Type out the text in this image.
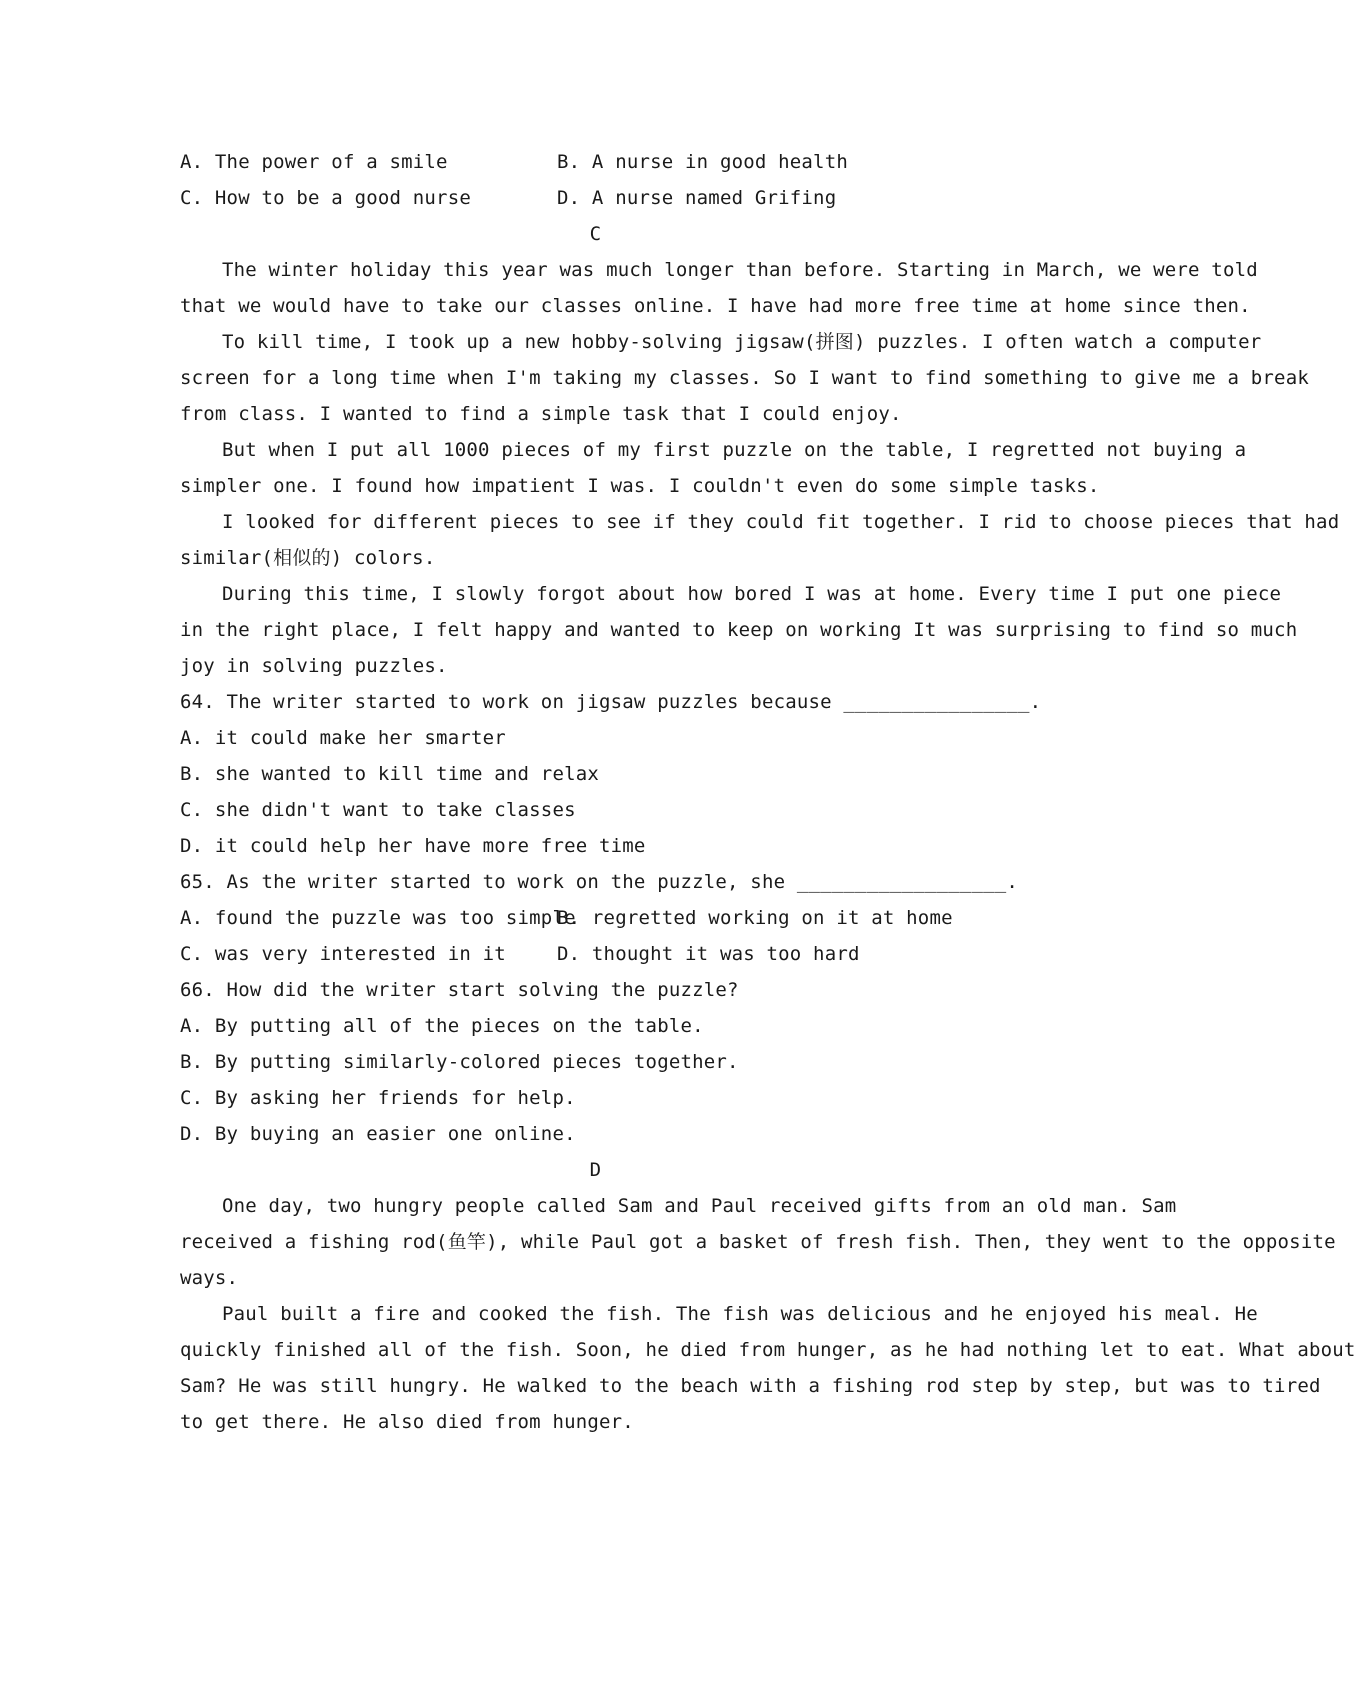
A. The power of a smile	B. A nurse in good health
C. How to be a good nurse	D. A nurse named Grifing
C
The winter holiday this year was much longer than before. Starting in March, we were told
that we would have to take our classes online. I have had more free time at home since then.
To kill time, I took up a new hobby-solving jigsaw(拼图) puzzles. I often watch a computer
screen for a long time when I'm taking my classes. So I want to find something to give me a break
from class. I wanted to find a simple task that I could enjoy.
But when I put all 1000 pieces of my first puzzle on the table, I regretted not buying a
simpler one. I found how impatient I was. I couldn't even do some simple tasks.
I looked for different pieces to see if they could fit together. I rid to choose pieces that had
similar(相似的) colors.
During this time, I slowly forgot about how bored I was at home. Every time I put one piece
in the right place, I felt happy and wanted to keep on working It was surprising to find so much
joy in solving puzzles.
64. The writer started to work on jigsaw puzzles because ________________.
A. it could make her smarter
B. she wanted to kill time and relax
C. she didn't want to take classes
D. it could help her have more free time
65. As the writer started to work on the puzzle, she __________________.
A. found the puzzle was too simple
B. regretted working on it at home
C. was very interested in it	D. thought it was too hard
66. How did the writer start solving the puzzle?
A. By putting all of the pieces on the table.
B. By putting similarly-colored pieces together.
C. By asking her friends for help.
D. By buying an easier one online.
D
One day, two hungry people called Sam and Paul received gifts from an old man. Sam
received a fishing rod(鱼竿), while Paul got a basket of fresh fish. Then, they went to the opposite
ways.
Paul built a fire and cooked the fish. The fish was delicious and he enjoyed his meal. He
quickly finished all of the fish. Soon, he died from hunger, as he had nothing let to eat. What about
Sam? He was still hungry. He walked to the beach with a fishing rod step by step, but was to tired
to get there. He also died from hunger.
